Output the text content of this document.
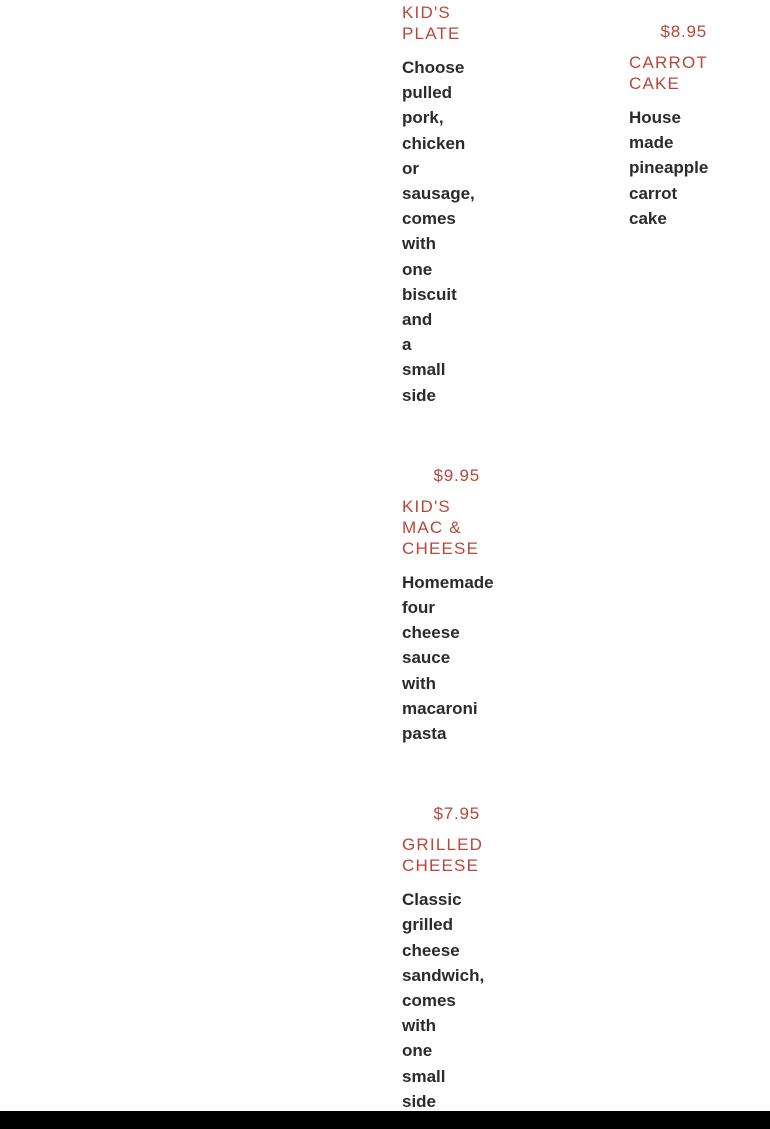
KID'S PLATE

Choose pulled pork, chicken or sausage, comes with one biscuit and a small side

$9.95
KID'S MAC & CHEESE

Homemade four cheese sauce with macaroni pasta

$7.95
GRILLED CHEESE

Classic grilled cheese sandwich, comes with one small side

$8.95
CARROT CAKE

House made pineapple carrot cake
